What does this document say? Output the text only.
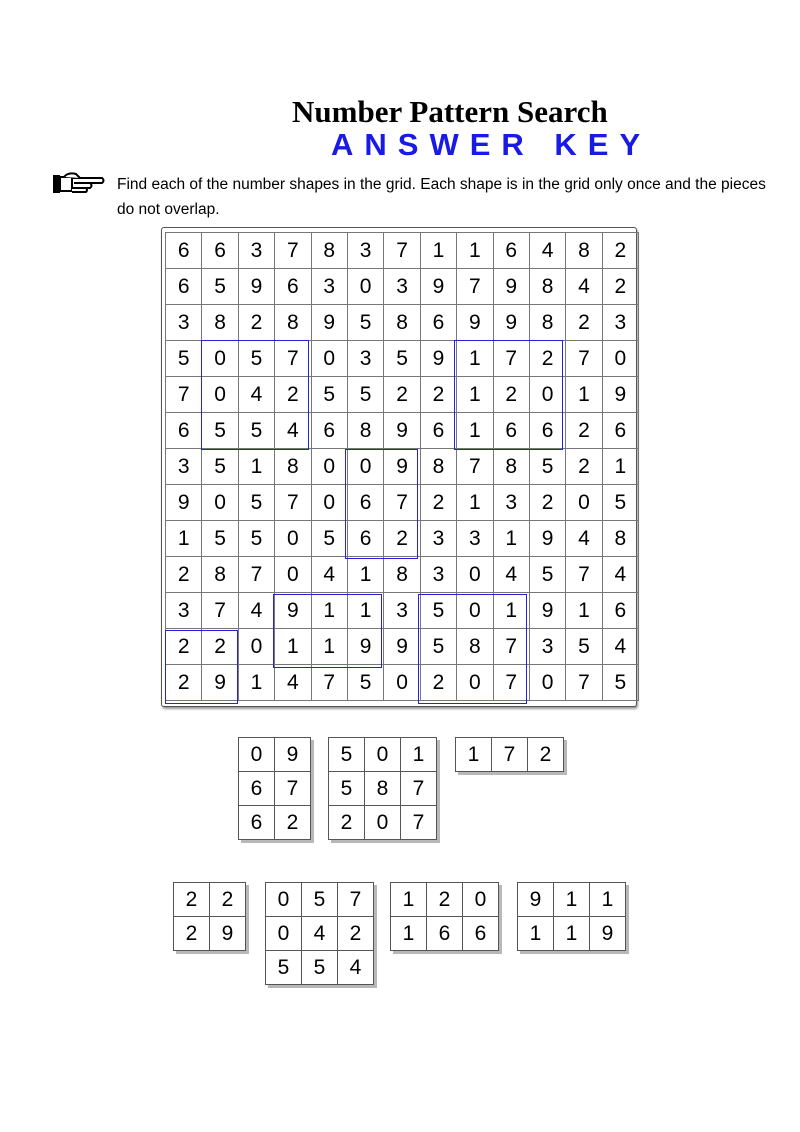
Number Pattern Search
ANSWER KEY
Find each of the number shapes in the grid. Each shape is in the grid only once and the pieces do not overlap.
6	6	3	7	8	3	7	1	1	6	4	8	2
6	5	9	6	3	0	3	9	7	9	8	4	2
3	8	2	8	9	5	8	6	9	9	8	2	3
5	0	5	7	0	3	5	9	1	7	2	7	0
7	0	4	2	5	5	2	2	1	2	0	1	9
6	5	5	4	6	8	9	6	1	6	6	2	6
3	5	1	8	0	0	9	8	7	8	5	2	1
9	0	5	7	0	6	7	2	1	3	2	0	5
1	5	5	0	5	6	2	3	3	1	9	4	8
2	8	7	0	4	1	8	3	0	4	5	7	4
3	7	4	9	1	1	3	5	0	1	9	1	6
2	2	0	1	1	9	9	5	8	7	3	5	4
2	9	1	4	7	5	0	2	0	7	0	7	5
0	9
6	7
6	2
5	0	1
5	8	7
2	0	7
1	7	2
2	2
2	9
0	5	7
0	4	2
5	5	4
1	2	0
1	6	6
9	1	1
1	1	9
